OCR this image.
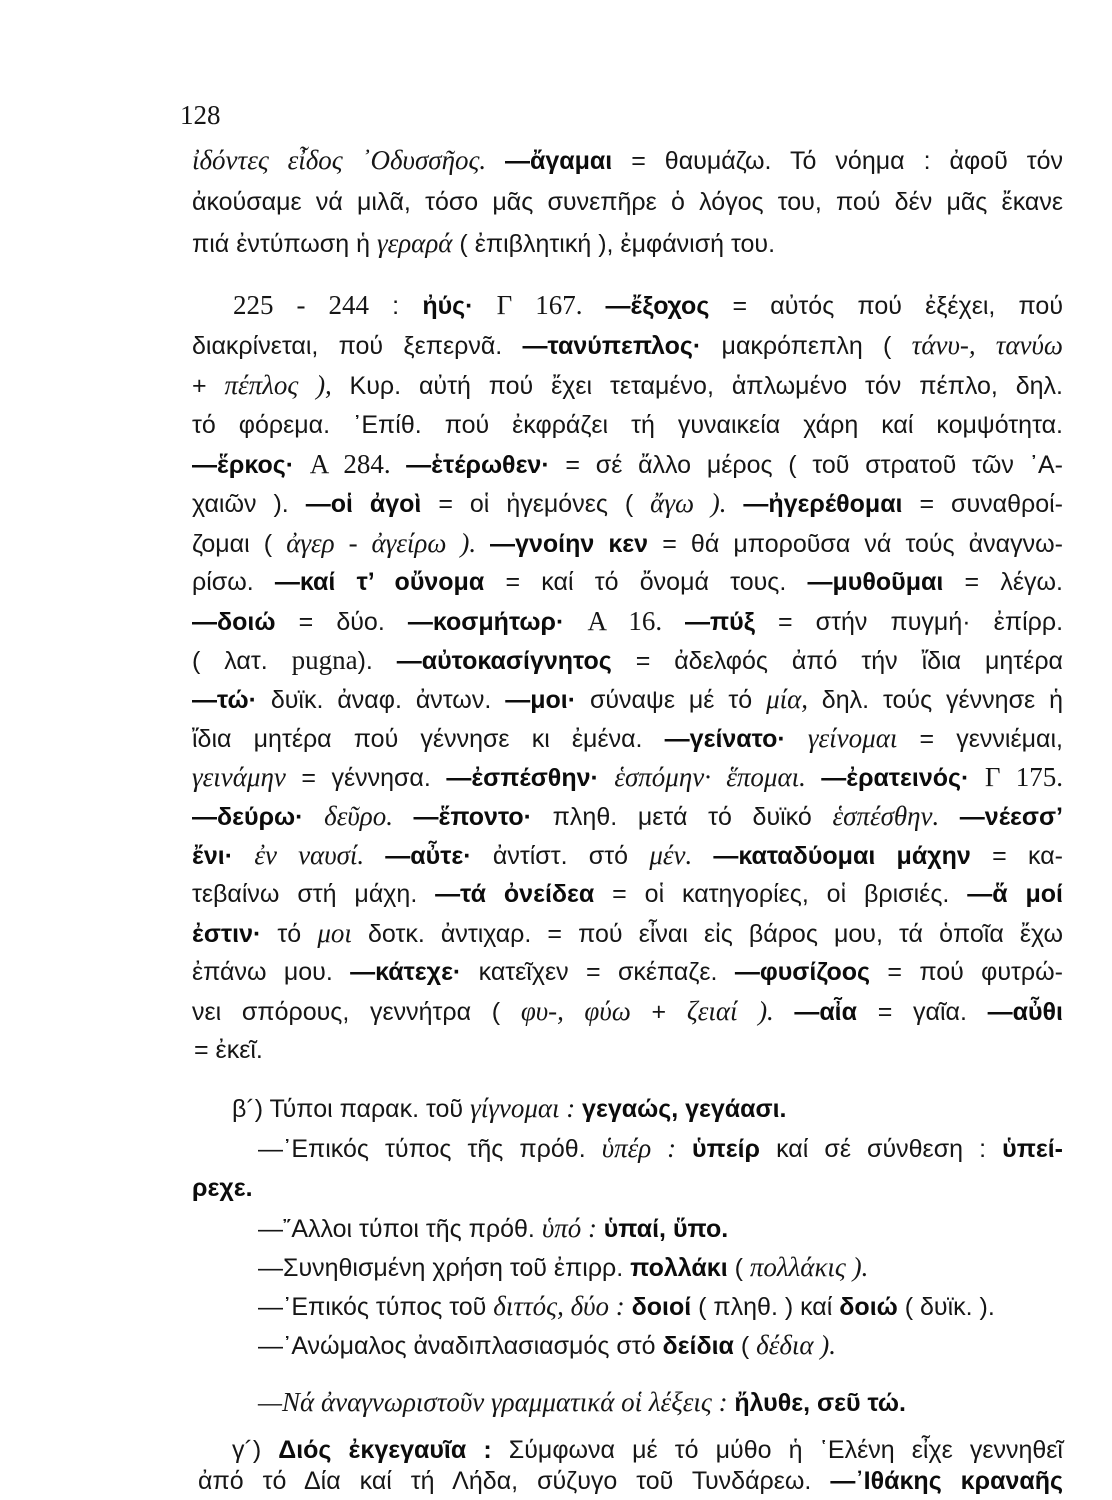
128
ἰδόντες εἶδος ᾿Οδυσσῆος. —ἄγαμαι = θαυμάζω. Τό νόημα : ἀφοῦ τόν
ἀκούσαμε νά μιλᾶ, τόσο μᾶς συνεπῆρε ὁ λόγος του, πού δέν μᾶς ἔκανε
πιά ἐντύπωση ἡ γεραρά ( ἐπιβλητική ), ἐμφάνισή του.
225 - 244 : ἠύς· Γ 167. —ἔξοχος = αὐτός πού ἐξέχει, πού
διακρίνεται, πού ξεπερνᾶ. —τανύπεπλος· μακρόπεπλη ( τάνυ-, τανύω
+ πέπλος ), Κυρ. αὐτή πού ἔχει τεταμένο, ἁπλωμένο τόν πέπλο, δηλ.
τό φόρεμα. ᾿Επίθ. πού ἐκφράζει τή γυναικεία χάρη καί κομψότητα.
—ἕρκος· Α 284. —ἑτέρωθεν· = σέ ἄλλο μέρος ( τοῦ στρατοῦ τῶν ᾿Α-
χαιῶν ). —οἱ ἀγοὶ = οἱ ἡγεμόνες ( ἄγω ). —ἠγερέθομαι = συναθροί-
ζομαι ( ἀγερ - ἀγείρω ). —γνοίην κεν = θά μποροῦσα νά τούς ἀναγνω-
ρίσω. —καί τ’ οὔνομα = καί τό ὄνομά τους. —μυθοῦμαι = λέγω.
—δοιώ = δύο. —κοσμήτωρ· Α 16. —πύξ = στήν πυγμή· ἐπίρρ.
( λατ. pugna). —αὐτοκασίγνητος = ἀδελφός ἀπό τήν ἴδια μητέρα
—τώ· δυϊκ. ἀναφ. ἀντων. —μοι· σύναψε μέ τό μία, δηλ. τούς γέννησε ἡ
ἴδια μητέρα πού γέννησε κι ἐμένα. —γείνατο· γείνομαι = γεννιέμαι,
γεινάμην = γέννησα. —ἐσπέσθην· ἑσπόμην· ἕπομαι. —ἐρατεινός· Γ 175.
—δεύρω· δεῦρο. —ἕποντο· πληθ. μετά τό δυϊκό ἑσπέσθην. —νέεσσ’
ἔνι· ἐν ναυσί. —αὖτε· ἀντίστ. στό μέν. —καταδύομαι μάχην = κα-
τεβαίνω στή μάχη. —τά ὀνείδεα = οἱ κατηγορίες, οἱ βρισιές. —ἅ μοί
ἐστιν· τό μοι δοτκ. ἀντιχαρ. = πού εἶναι εἰς βάρος μου, τά ὁποῖα ἔχω
ἐπάνω μου. —κάτεχε· κατεῖχεν = σκέπαζε. —φυσίζοος = πού φυτρώ-
νει σπόρους, γεννήτρα ( φυ-, φύω + ζειαί ). —αἶα = γαῖα. —αὖθι
= ἐκεῖ.
β´) Τύποι παρακ. τοῦ γίγνομαι : γεγαώς, γεγάασι.
—᾿Επικός τύπος τῆς πρόθ. ὑπέρ : ὑπείρ καί σέ σύνθεση : ὑπεί-
ρεχε.
—῎Αλλοι τύποι τῆς πρόθ. ὑπό : ὑπαί, ὕπο.
—Συνηθισμένη χρήση τοῦ ἐπιρρ. πολλάκι ( πολλάκις ).
—᾿Επικός τύπος τοῦ διττός, δύο : δοιοί ( πληθ. ) καί δοιώ ( δυϊκ. ).
—᾿Ανώμαλος ἀναδιπλασιασμός στό δείδια ( δέδια ).
—Νά ἀναγνωριστοῦν γραμματικά οἱ λέξεις : ἤλυθε, σεῦ τώ.
γ´) Διός ἐκγεγαυῖα : Σύμφωνα μέ τό μύθο ἡ ῾Ελένη εἶχε γεννηθεῖ
ἀπό τό Δία καί τή Λήδα, σύζυγο τοῦ Τυνδάρεω. —᾿Ιθάκης κραναῆς
